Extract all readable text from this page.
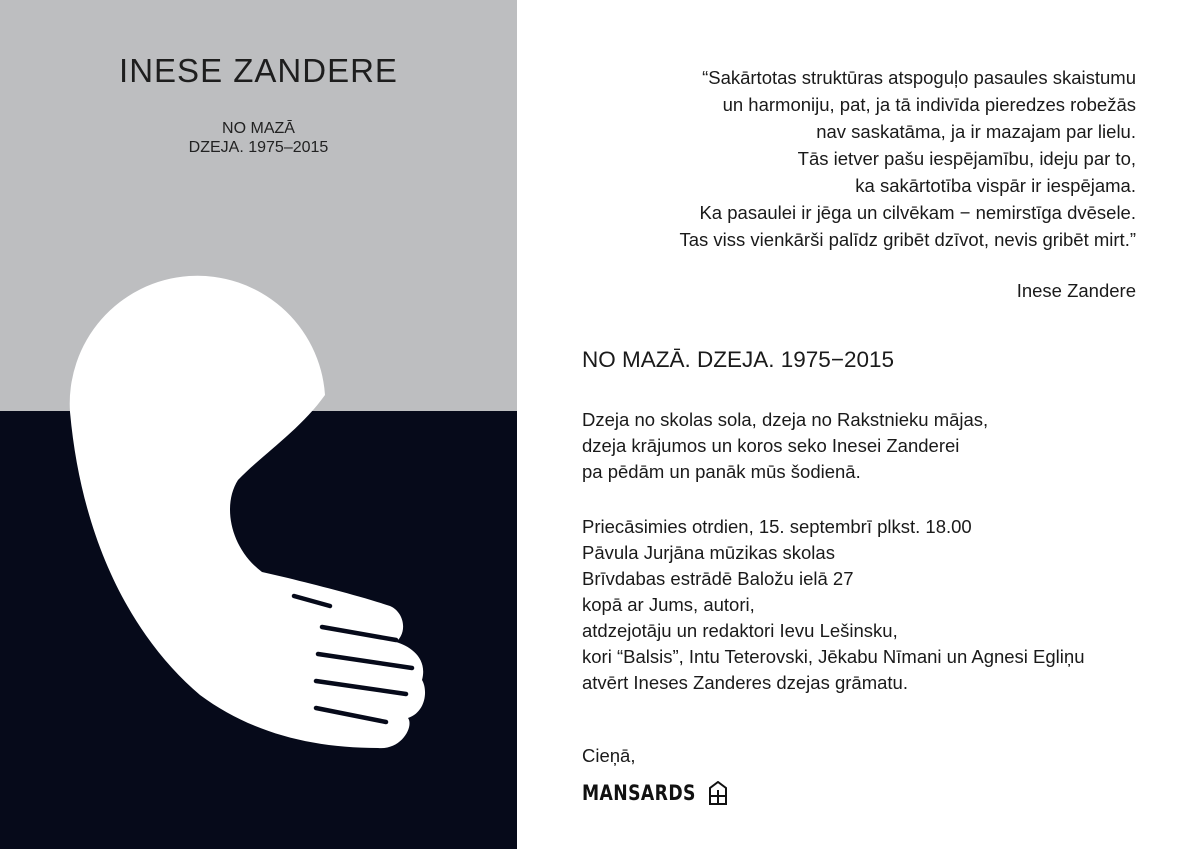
INESE ZANDERE
NO MAZĀ
DZEJA. 1975–2015
“Sakārtotas struktūras atspoguļo pasaules skaistumu
un harmoniju, pat, ja tā indivīda pieredzes robežās
nav saskatāma, ja ir mazajam par lielu.
Tās ietver pašu iespējamību, ideju par to,
ka sakārtotība vispār ir iespējama.
Ka pasaulei ir jēga un cilvēkam − nemirstīga dvēsele.
Tas viss vienkārši palīdz gribēt dzīvot, nevis gribēt mirt.”
Inese Zandere
NO MAZĀ. DZEJA. 1975−2015
Dzeja no skolas sola, dzeja no Rakstnieku mājas,
dzeja krājumos un koros seko Inesei Zanderei
pa pēdām un panāk mūs šodienā.
Priecāsimies otrdien, 15. septembrī plkst. 18.00
Pāvula Jurjāna mūzikas skolas
Brīvdabas estrādē Baložu ielā 27
kopā ar Jums, autori,
atdzejotāju un redaktori Ievu Lešinsku,
kori “Balsis”, Intu Teterovski, Jēkabu Nīmani un Agnesi Egliņu
atvērt Ineses Zanderes dzejas grāmatu.
Cieņā,
MANSARDS
